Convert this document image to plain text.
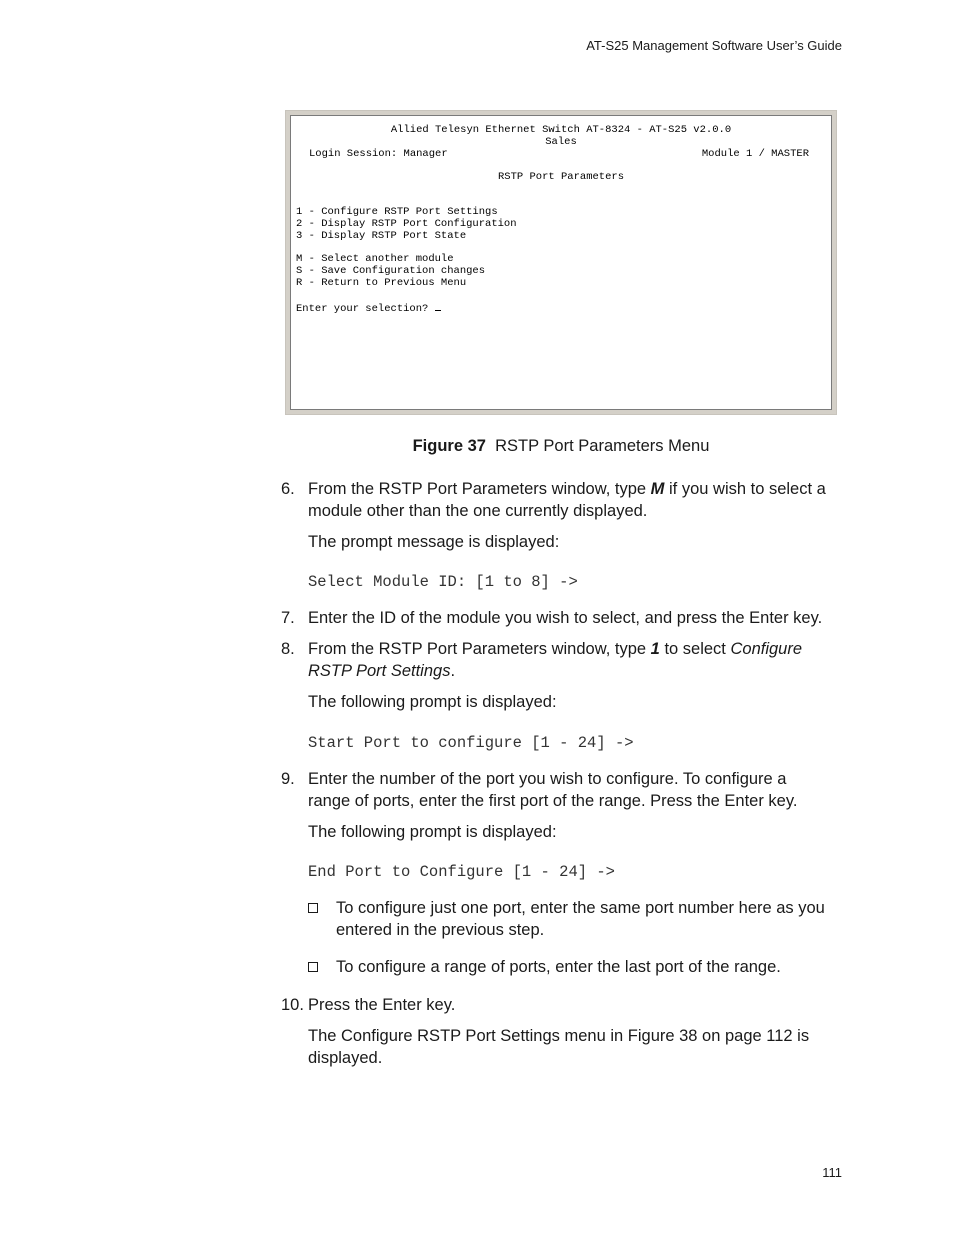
AT-S25 Management Software User’s Guide
Allied Telesyn Ethernet Switch AT-8324 - AT-S25 v2.0.0
Sales
Login Session: Manager	Module 1 / MASTER
RSTP Port Parameters
1 - Configure RSTP Port Settings
2 - Display RSTP Port Configuration
3 - Display RSTP Port State
M - Select another module
S - Save Configuration changes
R - Return to Previous Menu
Enter your selection?
Figure 37 RSTP Port Parameters Menu
6. From the RSTP Port Parameters window, type M if you wish to select a module other than the one currently displayed.
The prompt message is displayed:
Select Module ID: [1 to 8] ->
7. Enter the ID of the module you wish to select, and press the Enter key.
8. From the RSTP Port Parameters window, type 1 to select Configure RSTP Port Settings.
The following prompt is displayed:
Start Port to configure [1 - 24] ->
9. Enter the number of the port you wish to configure. To configure a range of ports, enter the first port of the range. Press the Enter key.
The following prompt is displayed:
End Port to Configure [1 - 24] ->
To configure just one port, enter the same port number here as you entered in the previous step.
To configure a range of ports, enter the last port of the range.
10. Press the Enter key.
The Configure RSTP Port Settings menu in Figure 38 on page 112 is displayed.
111
